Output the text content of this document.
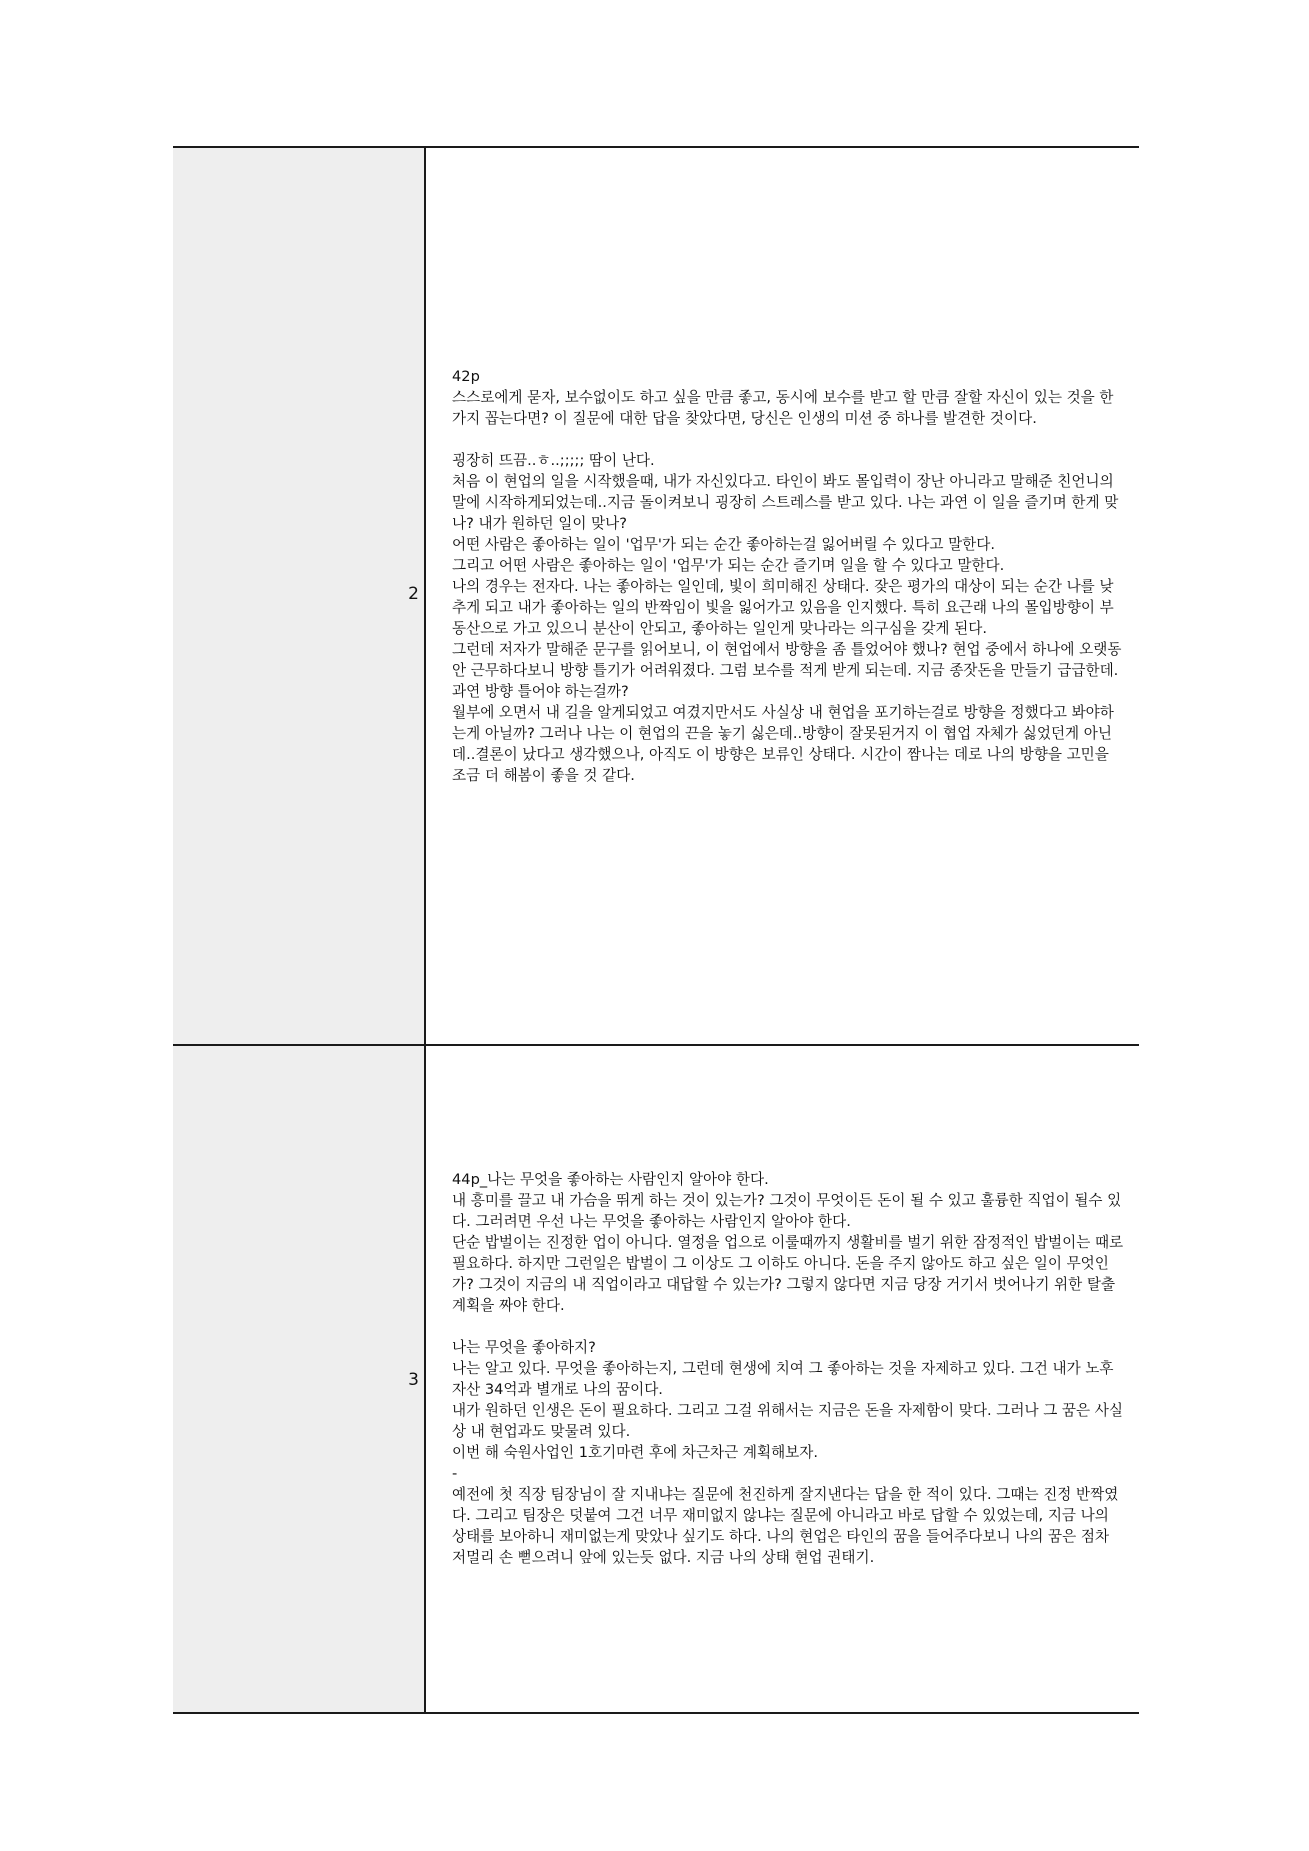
2
42p
스스로에게 묻자, 보수없이도 하고 싶을 만큼 좋고, 동시에 보수를 받고 할 만큼 잘할 자신이 있는 것을 한 가지 꼽는다면? 이 질문에 대한 답을 찾았다면, 당신은 인생의 미션 중 하나를 발견한 것이다.

굉장히 뜨끔..ㅎ..;;;;; 땀이 난다.
처음 이 현업의 일을 시작했을때, 내가 자신있다고. 타인이 봐도 몰입력이 장난 아니라고 말해준 친언니의 말에 시작하게되었는데..지금 돌이켜보니 굉장히 스트레스를 받고 있다. 나는 과연 이 일을 즐기며 한게 맞나? 내가 원하던 일이 맞나?
어떤 사람은 좋아하는 일이 '업무'가 되는 순간 좋아하는걸 잃어버릴 수 있다고 말한다.
그리고 어떤 사람은 좋아하는 일이 '업무'가 되는 순간 즐기며 일을 할 수 있다고 말한다.
나의 경우는 전자다. 나는 좋아하는 일인데, 빛이 희미해진 상태다. 잦은 평가의 대상이 되는 순간 나를 낮추게 되고 내가 좋아하는 일의 반짝임이 빛을 잃어가고 있음을 인지했다. 특히 요근래 나의 몰입방향이 부동산으로 가고 있으니 분산이 안되고, 좋아하는 일인게 맞나라는 의구심을 갖게 된다.
그런데 저자가 말해준 문구를 읽어보니, 이 현업에서 방향을 좀 틀었어야 했나? 현업 중에서 하나에 오랫동안 근무하다보니 방향 틀기가 어려워졌다. 그럼 보수를 적게 받게 되는데. 지금 종잣돈을 만들기 급급한데. 과연 방향 틀어야 하는걸까?
월부에 오면서 내 길을 알게되었고 여겼지만서도 사실상 내 현업을 포기하는걸로 방향을 정했다고 봐야하는게 아닐까? 그러나 나는 이 현업의 끈을 놓기 싫은데..방향이 잘못된거지 이 협업 자체가 싫었던게 아닌데..결론이 났다고 생각했으나, 아직도 이 방향은 보류인 상태다. 시간이 짬나는 데로 나의 방향을 고민을 조금 더 해봄이 좋을 것 같다.
3
44p_나는 무엇을 좋아하는 사람인지 알아야 한다.
내 흥미를 끌고 내 가슴을 뛰게 하는 것이 있는가? 그것이 무엇이든 돈이 될 수 있고 훌륭한 직업이 될수 있다. 그러려면 우선 나는 무엇을 좋아하는 사람인지 알아야 한다.
단순 밥벌이는 진정한 업이 아니다. 열정을 업으로 이룰때까지 생활비를 벌기 위한 잠정적인 밥벌이는 때로 필요하다. 하지만 그런일은 밥벌이 그 이상도 그 이하도 아니다. 돈을 주지 않아도 하고 싶은 일이 무엇인가? 그것이 지금의 내 직업이라고 대답할 수 있는가? 그렇지 않다면 지금 당장 거기서 벗어나기 위한 탈출 계획을 짜야 한다.

나는 무엇을 좋아하지?
나는 알고 있다. 무엇을 좋아하는지, 그런데 현생에 치여 그 좋아하는 것을 자제하고 있다. 그건 내가 노후자산 34억과 별개로 나의 꿈이다.
내가 원하던 인생은 돈이 필요하다. 그리고 그걸 위해서는 지금은 돈을 자제함이 맞다. 그러나 그 꿈은 사실상 내 현업과도 맞물려 있다.
이번 해 숙원사업인 1호기마련 후에 차근차근 계획해보자.
-
예전에 첫 직장 팀장님이 잘 지내냐는 질문에 천진하게 잘지낸다는 답을 한 적이 있다. 그때는 진정 반짝였다. 그리고 팀장은 덧붙여 그건 너무 재미없지 않냐는 질문에 아니라고 바로 답할 수 있었는데, 지금 나의 상태를 보아하니 재미없는게 맞았나 싶기도 하다. 나의 현업은 타인의 꿈을 들어주다보니 나의 꿈은 점차 저멀리 손 뻗으려니 앞에 있는듯 없다. 지금 나의 상태 현업 권태기.
